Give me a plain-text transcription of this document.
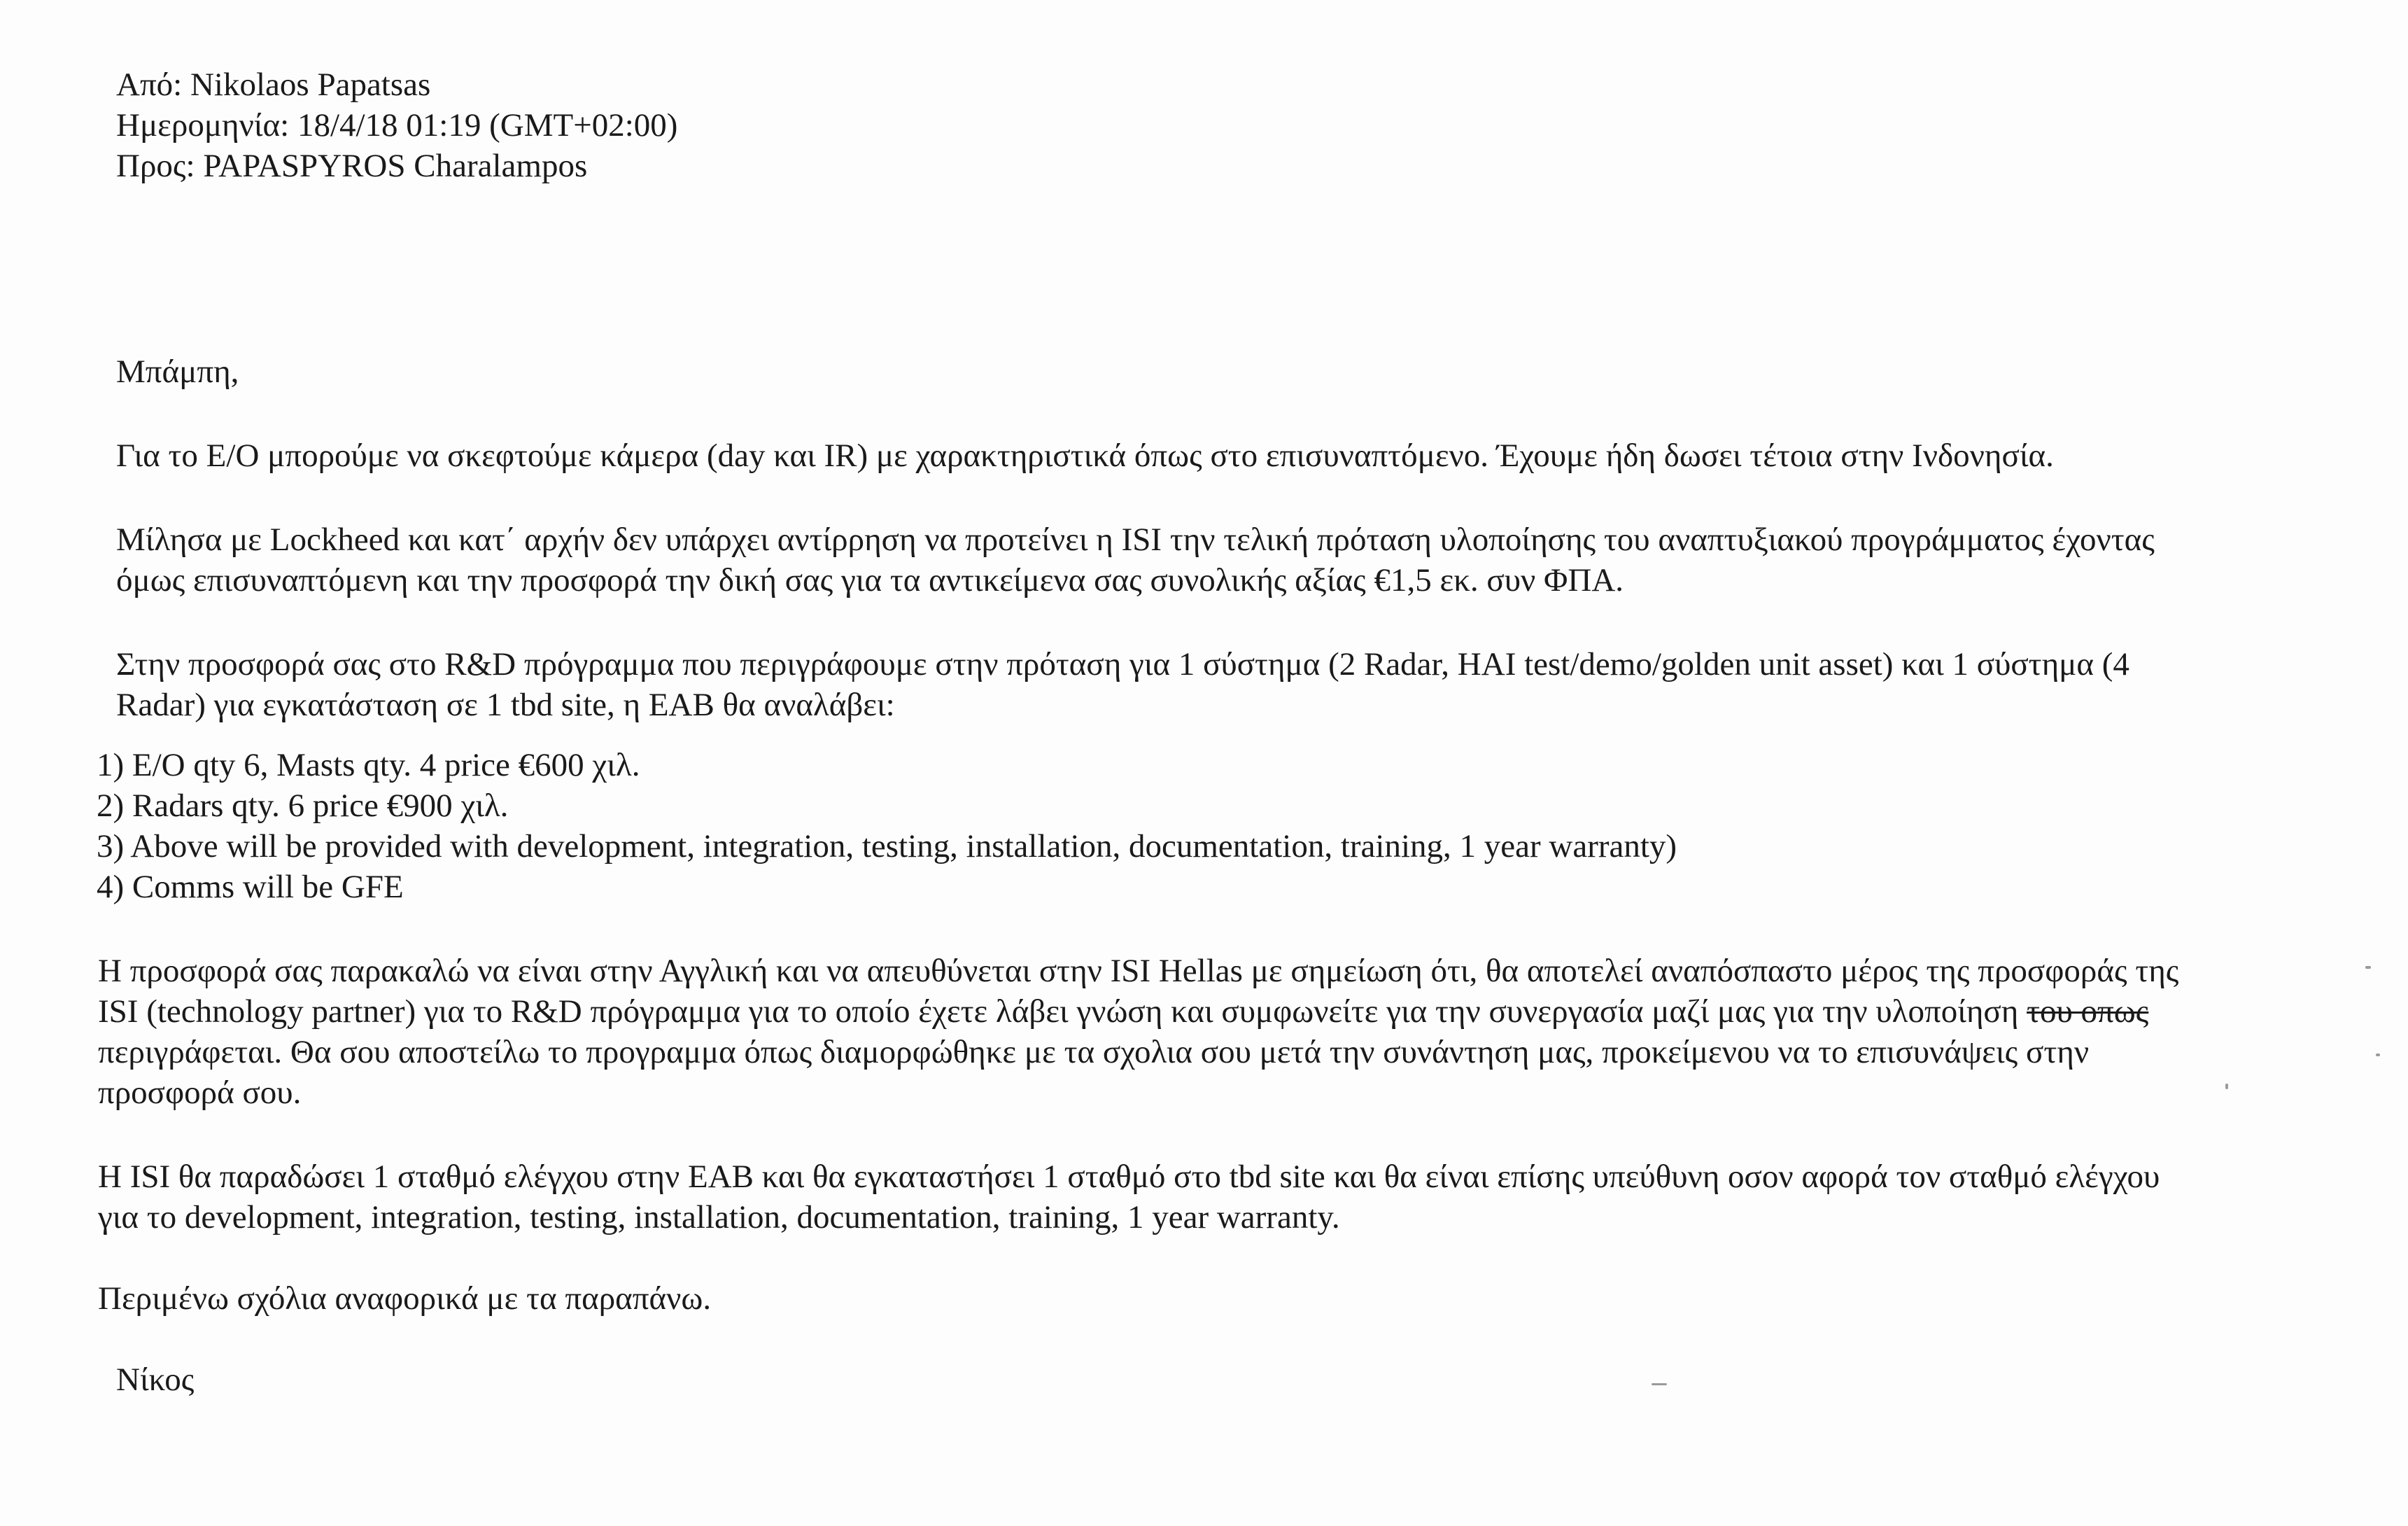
Από: Nikolaos Papatsas
Ημερομηνία: 18/4/18 01:19 (GMT+02:00)
Προς: PAPASPYROS Charalampos
Μπάμπη,
Για το Ε/Ο μπορούμε να σκεφτούμε κάμερα (day και IR) με χαρακτηριστικά όπως στο επισυναπτόμενο. Έχουμε ήδη δωσει τέτοια στην Ινδονησία.
Μίλησα με Lockheed και κατ΄ αρχήν δεν υπάρχει αντίρρηση να προτείνει η ISI την τελική πρόταση υλοποίησης του αναπτυξιακού προγράμματος έχοντας
όμως επισυναπτόμενη και την προσφορά την δική σας για τα αντικείμενα σας συνολικής αξίας €1,5 εκ. συν ΦΠΑ.
Στην προσφορά σας στο R&D πρόγραμμα που περιγράφουμε στην πρόταση για 1 σύστημα (2 Radar, HAI test/demo/golden unit asset) και 1 σύστημα (4
Radar) για εγκατάσταση σε 1 tbd site, η ΕΑΒ θα αναλάβει:
1) E/O qty 6, Masts qty. 4 price €600 χιλ.
2) Radars qty. 6 price €900 χιλ.
3) Above will be provided with development, integration, testing, installation, documentation, training, 1 year warranty)
4) Comms will be GFE
Η προσφορά σας παρακαλώ να είναι στην Αγγλική και να απευθύνεται στην ISI Hellas με σημείωση ότι, θα αποτελεί αναπόσπαστο μέρος της προσφοράς της
ISI (technology partner) για το R&D πρόγραμμα για το οποίο έχετε λάβει γνώση και συμφωνείτε για την συνεργασία μαζί μας για την υλοποίηση του οπως
περιγράφεται. Θα σου αποστείλω το προγραμμα όπως διαμορφώθηκε με τα σχολια σου μετά την συνάντηση μας, προκείμενου να το επισυνάψεις στην
προσφορά σου.
Η ISI θα παραδώσει 1 σταθμό ελέγχου στην ΕΑΒ και θα εγκαταστήσει 1 σταθμό στο tbd site και θα είναι επίσης υπεύθυνη οσον αφορά τον σταθμό ελέγχου
για το development, integration, testing, installation, documentation, training, 1 year warranty.
Περιμένω σχόλια αναφορικά με τα παραπάνω.
Νίκος
